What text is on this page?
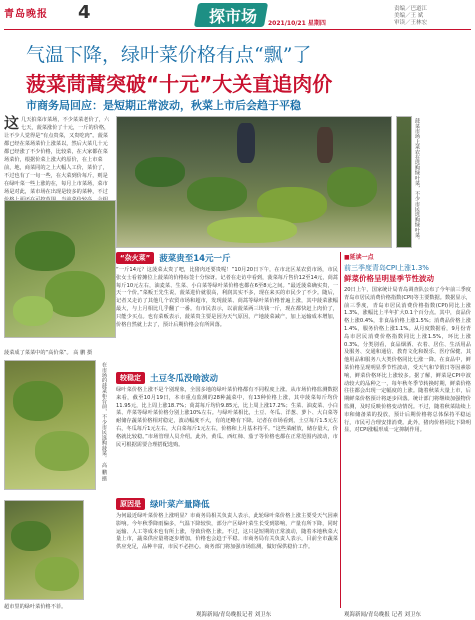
青岛晚报 4	探市场	2021/10/21 星期四
责编／巴道江
美编／王 斌
审读／王林宏
气温下降，绿叶菜价格有点“飘”了
菠菜茼蒿突破“十元”大关直追肉价
市商务局回应：是短期正常波动，秋菜上市后会趋于平稳
这 几天拍菜市菜场，不少菜菜老价了，六七天，菠菜涨价了十元，一斤的价格，让不少人觉得是“有点贵菜，又贵吃肉”。菠菜都已经在菜场菜价上涨菜以，然后大菜几十元都已经涨了不少价格，比较菜，在大家都在菜场菜价，根据价菜上涨大约原价，在上市菜前，地，商菜同的之上大幅人工价，菜价了，不过也有了一旬一些，在大菜到价每斤，则是在绿叶菜一些上涨的在，每月上市菜场，菜市场是对此，菜市场在出现是较多的菜种，不过	菠菜市场上菜农在选购绿叶菜，不少市民选购绿叶菜。
菠菜成了菜菜中的“高价菜”。 高 鹏 摄
在市场的菠菜柜台前，不少市民选购菠菜。 高 鹏 摄
超市里的绿叶菜价格不菲。
“杂火菜”	菠菜贵至14元一斤
“一斤14元？这菠菜太贵了吧，比猪肉还要贵呢！”10月20日下午，在市北区某农贸市场，市民张女士看着摊位上菠菜的价格标签十分惊讶。记者在走访中看到，菠菜每斤售价12至14元，茼蒿每斤10元左右，油麦菜、生菜、小白菜等绿叶菜价格也都在6至8元之间。“最近菠菜确实贵，一天一个价。”菜贩王先生说，菠菜进价就很高，利润其实不多，现在来买的市民少了不少。随后，记者又走访了其他几个农贸市场和超市，发现菠菜、茼蒿等绿叶菜价格普遍上涨，其中菠菜涨幅最大，与上月相比几乎翻了一番。有市民表示，以前菠菜两三块钱一斤，现在都快赶上肉价了，只能少买点。也有菜贩表示，菠菜贵主要是因为天气原因，产地菠菜减产，加上运输成本增加，价格自然就上去了，预计后期价格会有所回落。
较稳定	土豆冬瓜没啥波动
绿叶菜价格上涨不是个别现象，全国多地的绿叶菜价格都有不同程度上涨。从市场价格监测数据来看，截至10月19日，本市重点监测的28种蔬菜中，有13种价格上涨，其中菠菜每斤均价11.95元，比上周上涨18.7%；茼蒿每斤均价9.85元，比上周上涨17.2%；生菜、油麦菜、小白菜、芹菜等绿叶菜价格分别上涨10%左右。与绿叶菜相比，土豆、冬瓜、洋葱、萝卜、大白菜等耐储存蔬菜价格相对稳定，波动幅度不大，有的还略有下降。记者在市场看到，土豆每斤1.5元左右，冬瓜每斤1元左右，大白菜每斤1元左右，价格和上月基本持平。“这些菜耐放，储存量大，价格就比较稳。”市场管理人员介绍。此外，黄瓜、西红柿、茄子等价格也都在正常范围内波动，市民可根据需要合理搭配选购。
原因是	绿叶菜产量降低
为何最近绿叶菜价格上涨明显？市商务局相关负责人表示，此轮绿叶菜价格上涨主要受天气因素影响。今年秋季降雨偏多，气温下降较快，部分产区绿叶菜生长受到影响，产量有所下降，同时运输、人工等成本也有所上涨，导致价格上涨。不过，这只是短期的正常波动，随着本地秋菜大量上市，蔬菜供应量将逐步增加，价格也会趋于平稳。市商务局有关负责人表示，目前全市蔬菜供应充足，品种丰富，市民不必担心。商务部门将加强市场监测，做好保供稳价工作。
■延读一点
前三季度青岛CPI上涨1.3%
鲜菜价格呈明显季节性波动
20日上午，国家统计局青岛调查队公布了今年前三季度青岛市居民消费价格指数(CPI)等主要数据。数据显示，前三季度，青岛市居民消费价格指数(CPI)同比上涨1.3%，涨幅比上半年扩大0.1个百分点。其中，食品价格上涨0.4%，非食品价格上涨1.5%；消费品价格上涨1.4%，服务价格上涨1.1%。从月度数据看，9月份青岛市居民消费价格指数同比上涨1.5%，环比上涨0.3%。分类别看，食品烟酒、衣着、居住、生活用品及服务、交通和通信、教育文化和娱乐、医疗保健、其他用品和服务八大类价格同比七涨一降。在食品中，鲜菜价格呈现明显季节性波动，受天气和节假日等因素影响，鲜菜价格环比上涨较多。据了解，鲜菜是CPI中波动较大的品种之一，每年秋冬季节转换时期，鲜菜价格往往都会出现一定幅度的上涨。随着秋菜大量上市，后期鲜菜价格预计将逐步回落。统计部门将继续加强物价监测，及时反映价格变动情况。不过，随着秋菜陆续上市和储备菜的投放，预计后期价格将总体保持平稳运行，市民可合理安排消费。此外，猪肉价格同比下降明显，对CPI涨幅形成一定抑制作用。
观海新闻/青岛晚报记者 刘卫东	观海新闻/青岛晚报 记者 刘卫东
